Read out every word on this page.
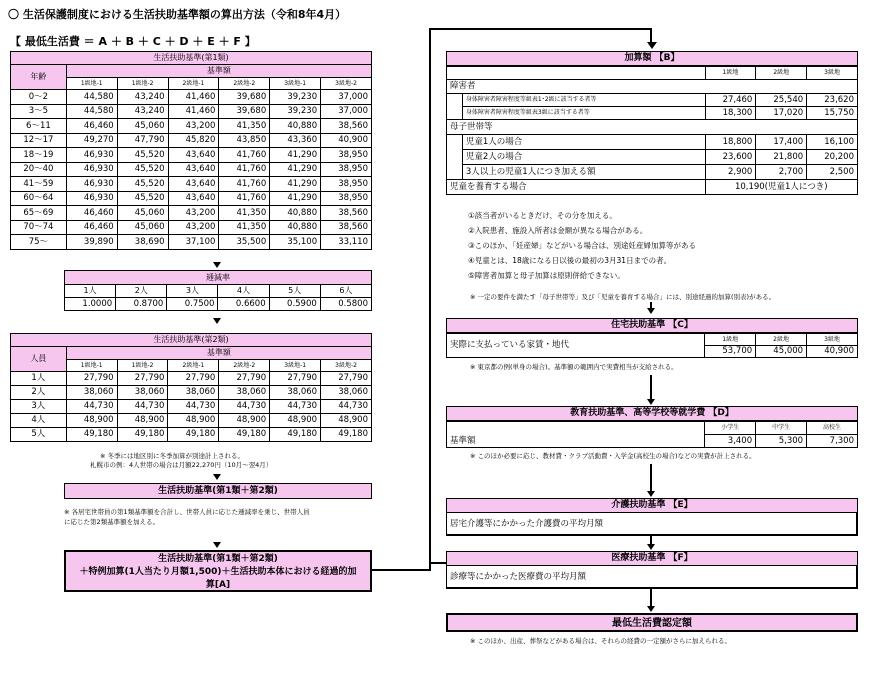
〇 生活保護制度における生活扶助基準額の算出方法（令和8年4月）
【 最低生活費 ＝ A ＋ B ＋ C ＋ D ＋ E ＋ F 】
生活扶助基準(第1類)						
年齢	基準額					
	1級地-1	1級地-2	2級地-1	2級地-2	3級地-1	3級地-2
0～2	44,580	43,240	41,460	39,680	39,230	37,000
3～5	44,580	43,240	41,460	39,680	39,230	37,000
6～11	46,460	45,060	43,200	41,350	40,880	38,560
12～17	49,270	47,790	45,820	43,850	43,360	40,900
18～19	46,930	45,520	43,640	41,760	41,290	38,950
20～40	46,930	45,520	43,640	41,760	41,290	38,950
41～59	46,930	45,520	43,640	41,760	41,290	38,950
60～64	46,930	45,520	43,640	41,760	41,290	38,950
65～69	46,460	45,060	43,200	41,350	40,880	38,560
70～74	46,460	45,060	43,200	41,350	40,880	38,560
75～	39,890	38,690	37,100	35,500	35,100	33,110
逓減率					
1人	2人	3人	4人	5人	6人
1.0000	0.8700	0.7500	0.6600	0.5900	0.5800
生活扶助基準(第2類)						
人員	基準額					
	1級地-1	1級地-2	2級地-1	2級地-2	3級地-1	3級地-2
1人	27,790	27,790	27,790	27,790	27,790	27,790
2人	38,060	38,060	38,060	38,060	38,060	38,060
3人	44,730	44,730	44,730	44,730	44,730	44,730
4人	48,900	48,900	48,900	48,900	48,900	48,900
5人	49,180	49,180	49,180	49,180	49,180	49,180
※ 冬季には地区別に冬季加算が別途計上される。
札幌市の例：4人世帯の場合は月額22,270円（10月～翌4月）
生活扶助基準(第1類＋第2類)
※ 各居宅世帯員の第1類基準額を合計し、世帯人員に応じた逓減率を乗じ、世帯人員
に応じた第2類基準額を加える。
生活扶助基準(第1類＋第2類)
＋特例加算(1人当たり月額1,500)＋生活扶助本体における経過的加
算[A]
加算額 【B】
		1級地	2級地	3級地
障害者				
	身体障害者障害程度等級表1･2級に該当する者等	27,460	25,540	23,620
	身体障害者障害程度等級表3級に該当する者等	18,300	17,020	15,750
母子世帯等				
	児童1人の場合	18,800	17,400	16,100
	児童2人の場合	23,600	21,800	20,200
	3人以上の児童1人につき加える額	2,900	2,700	2,500
児童を養育する場合		10,190(児童1人につき)		
①該当者がいるときだけ、その分を加える。
②入院患者、施設入所者は金額が異なる場合がある。
③このほか、「妊産婦」などがいる場合は、別途妊産婦加算等がある
④児童とは、18歳になる日以後の最初の3月31日までの者。
⑤障害者加算と母子加算は原則併給できない。
※ 一定の要件を満たす「母子世帯等」及び「児童を養育する場合」には、別途経過的加算(別表)がある。
住宅扶助基準 【C】
実際に支払っている家賃・地代	1級地	2級地	3級地
	53,700	45,000	40,900
※ 東京都の例(単身の場合)。基準額の範囲内で実費相当が支給される。
教育扶助基準、高等学校等就学費 【D】
	小学生	中学生	高校生
基準額	3,400	5,300	7,300
※ このほか必要に応じ、教材費・クラブ活動費・入学金(高校生の場合)などの実費が計上される。
介護扶助基準 【E】
居宅介護等にかかった介護費の平均月額
医療扶助基準 【F】
診療等にかかった医療費の平均月額
最低生活費認定額
※ このほか、出産、葬祭などがある場合は、それらの経費の一定額がさらに加えられる。
